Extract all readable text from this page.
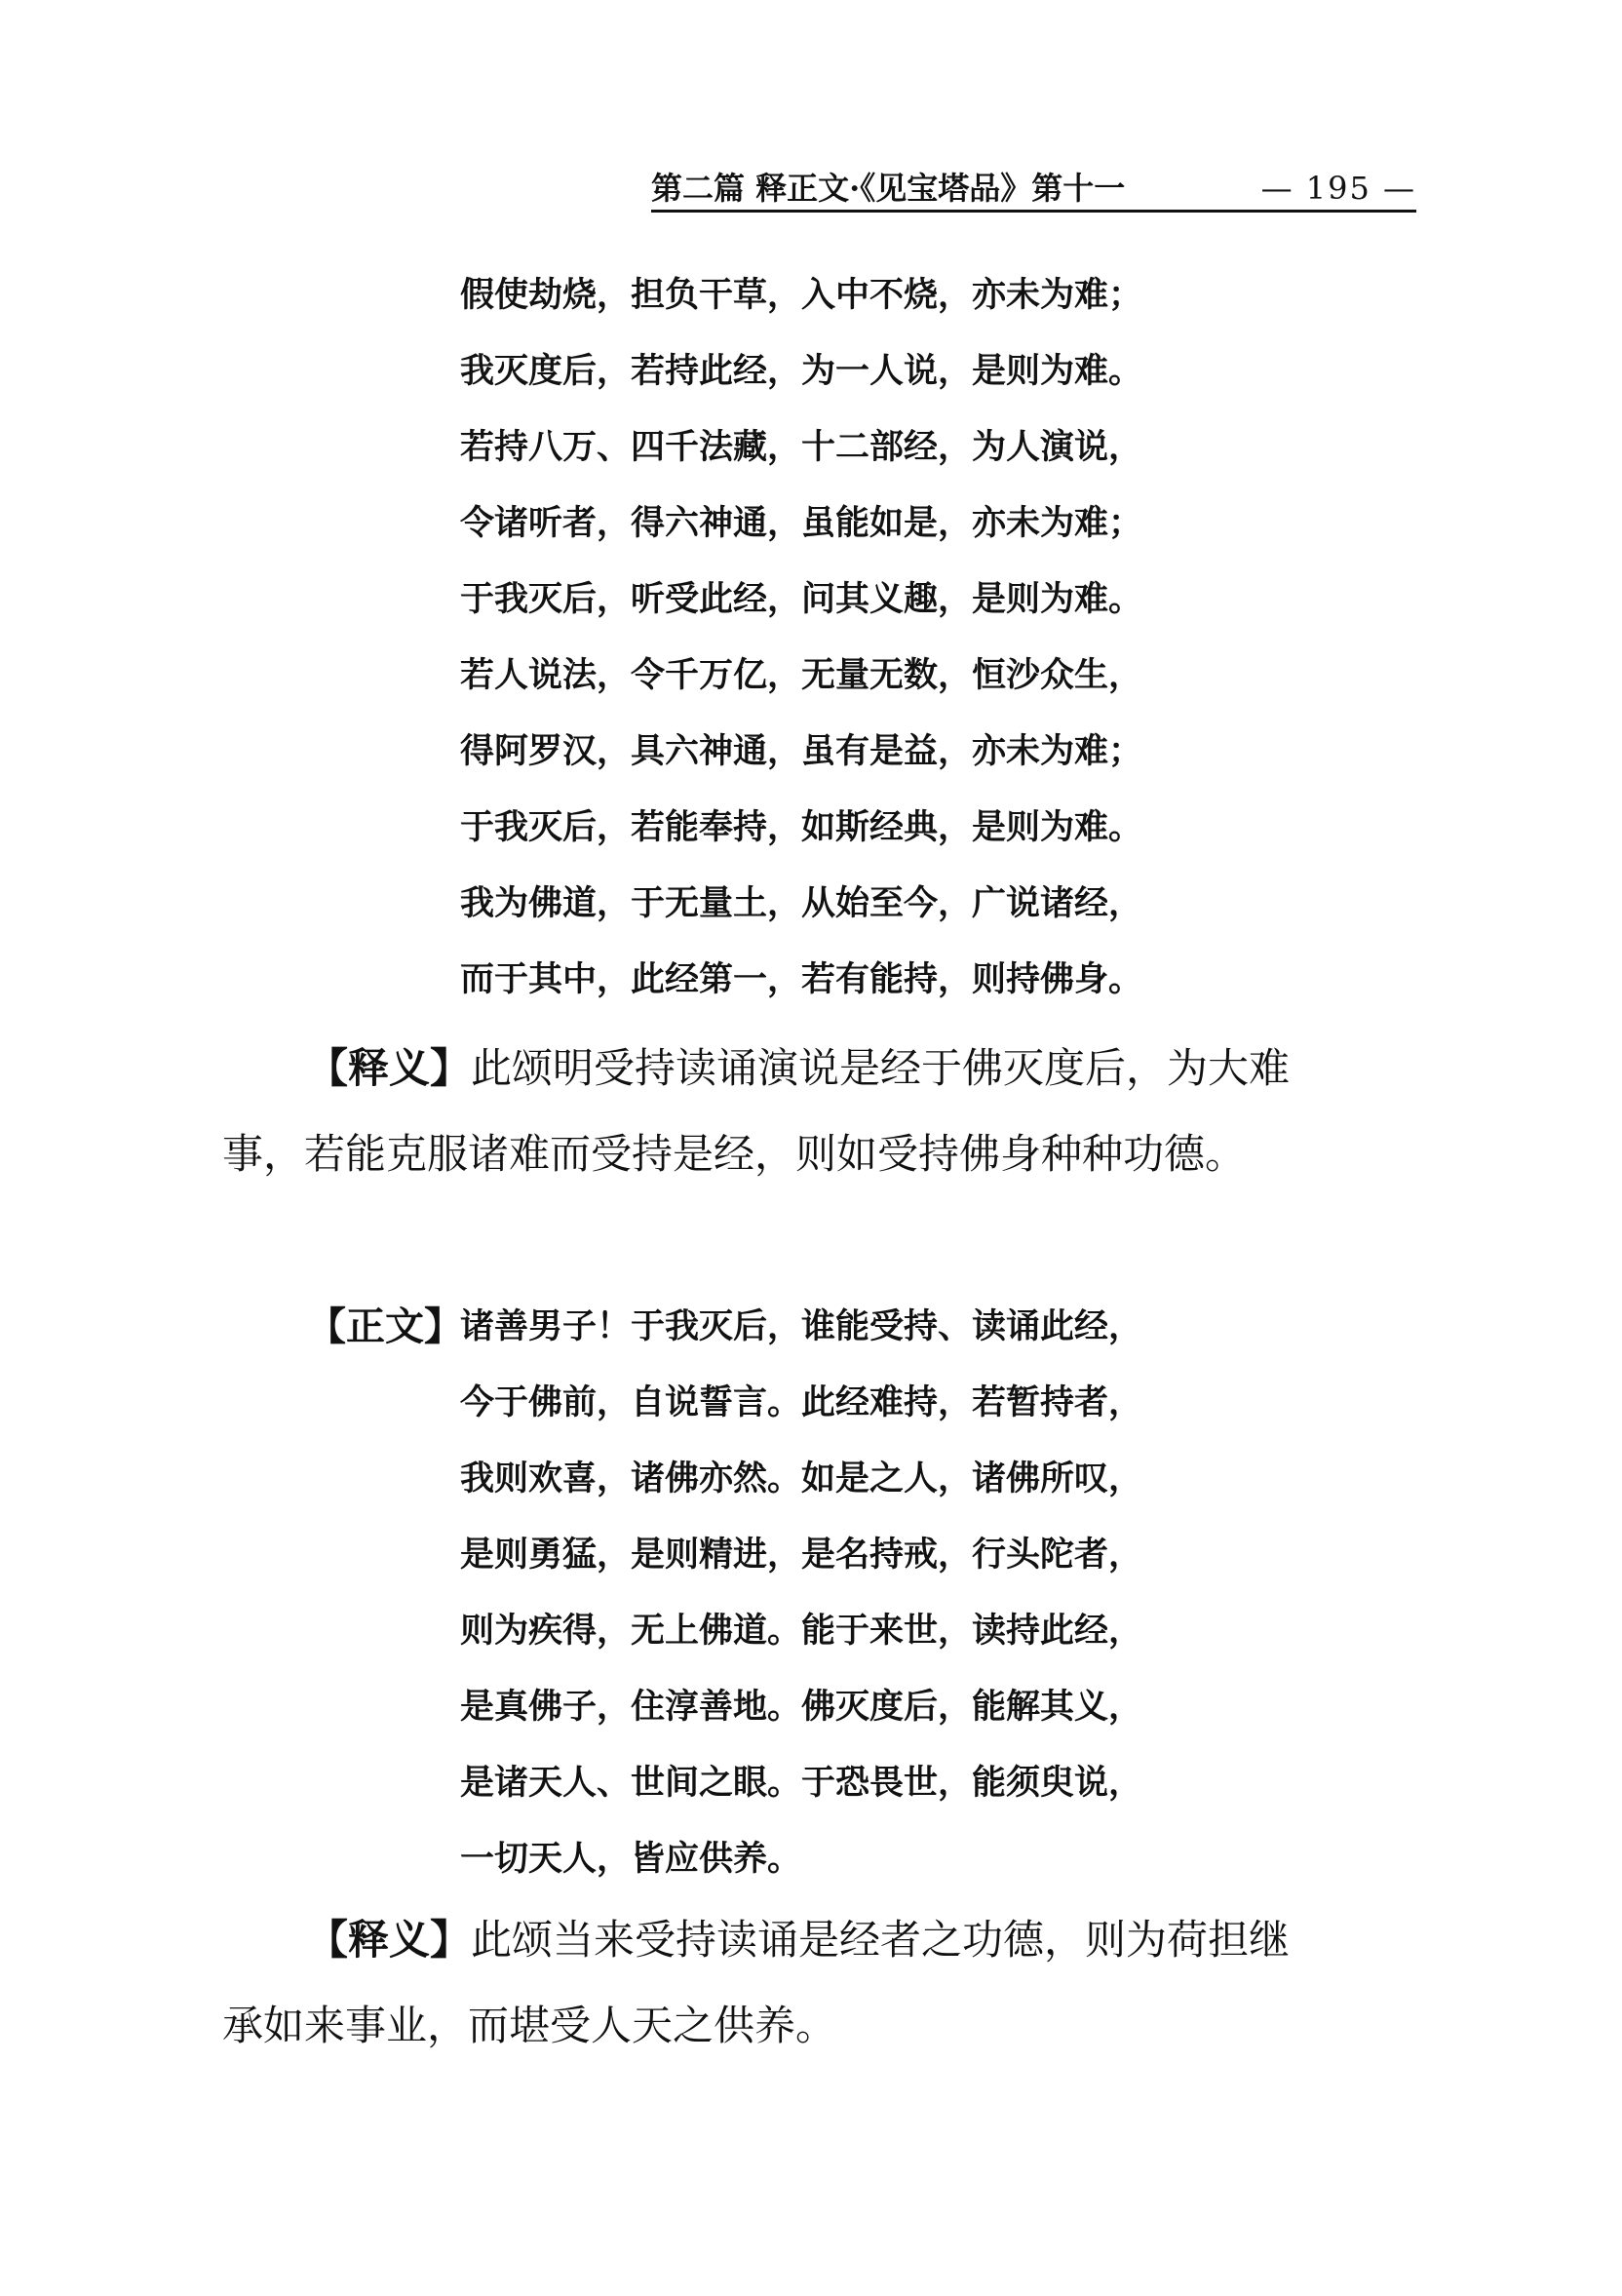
第二篇 释正文·《见宝塔品》第十一	— 195 —
假使劫烧，担负干草，入中不烧，亦未为难；
我灭度后，若持此经，为一人说，是则为难。
若持八万、四千法藏，十二部经，为人演说，
令诸听者，得六神通，虽能如是，亦未为难；
于我灭后，听受此经，问其义趣，是则为难。
若人说法，令千万亿，无量无数，恒沙众生，
得阿罗汉，具六神通，虽有是益，亦未为难；
于我灭后，若能奉持，如斯经典，是则为难。
我为佛道，于无量土，从始至今，广说诸经，
而于其中，此经第一，若有能持，则持佛身。
【释义】此颂明受持读诵演说是经于佛灭度后，为大难
事，若能克服诸难而受持是经，则如受持佛身种种功德。
【正文】
诸善男子！于我灭后，谁能受持、读诵此经，
今于佛前，自说誓言。此经难持，若暂持者，
我则欢喜，诸佛亦然。如是之人，诸佛所叹，
是则勇猛，是则精进，是名持戒，行头陀者，
则为疾得，无上佛道。能于来世，读持此经，
是真佛子，住淳善地。佛灭度后，能解其义，
是诸天人、世间之眼。于恐畏世，能须臾说，
一切天人，皆应供养。
【释义】此颂当来受持读诵是经者之功德，则为荷担继
承如来事业，而堪受人天之供养。
